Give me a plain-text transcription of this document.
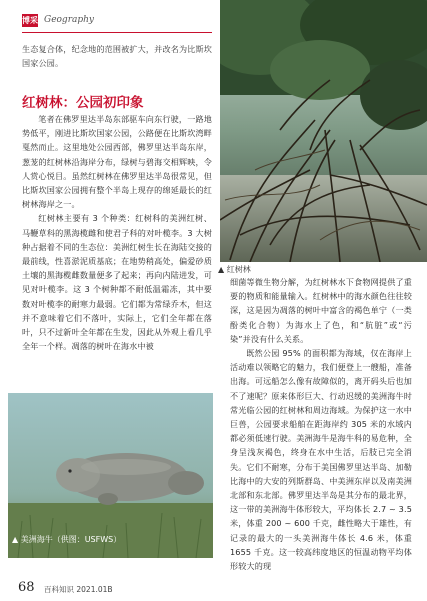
博采 Geography
▲ 红树林

生态复合体，纪念地的范围被扩大，并改名为比斯坎国家公园。

红树林：公园初印象

笔者在佛罗里达半岛东部驱车向东行驶，一路地势低平，刚进比斯坎国家公园，公路便在比斯坎湾畔戛然而止。这里地处公园西部，佛罗里达半岛东岸，葱茏的红树林沿海岸分布，绿树与碧海交相辉映，令人赏心悦目。虽然红树林在佛罗里达半岛很常见，但比斯坎国家公园拥有整个半岛上现存的绵延最长的红树林海岸之一。

红树林主要有 3 个种类：红树科的美洲红树、马鞭草科的黑海榄雌和使君子科的对叶榄李。3 大树种占据着不同的生态位：美洲红树生长在海陆交接的最前线，性喜淤泥质基底；在地势稍高处，偏爱砂质土壤的黑海榄雌数量便多了起来；再向内陆进发，可见对叶榄李。这 3 个树种都不耐低温霜冻，其中要数对叶榄李的耐寒力最弱。它们都为常绿乔木，但这并不意味着它们不落叶，实际上，它们全年都在落叶，只不过新叶全年都在生发，因此从外观上看几乎全年一个样。凋落的树叶在海水中被

▲ 美洲海牛（供图：USFWS）

细菌等微生物分解，为红树林水下食物网提供了重要的物质和能量输入。红树林中的海水颜色往往较深，这是因为凋落的树叶中富含的褐色单宁（一类酚类化合物）为海水上了色，和“肮脏”或“污染”并没有什么关系。

既然公园 95% 的面积都为海域，仅在海岸上活动难以领略它的魅力，我们便登上一艘船，准备出海。可远船怎么像有故障似的，离开码头后也加不了速呢？原来体形巨大、行动迟缓的美洲海牛时常光临公园的红树林和周边海域。为保护这一水中巨兽，公园要求船舶在距海岸约 305 米的水域内都必须低速行驶。美洲海牛是海牛科的易危种，全身呈浅灰褐色，终身在水中生活，后肢已完全消失。它们不耐寒，分布于美国佛罗里达半岛、加勒比海中的大安的列斯群岛、中美洲东岸以及南美洲北部和东北部。佛罗里达半岛是其分布的最北界，这一带的美洲海牛体形较大，平均体长 2.7 ~ 3.5 米，体重 200 ~ 600 千克，雌性略大于雄性，有记录的最大的一头美洲海牛体长 4.6 米，体重 1655 千克。这一较高纬度地区的恒温动物平均体形较大的现

68 百科知识 2021.01B
